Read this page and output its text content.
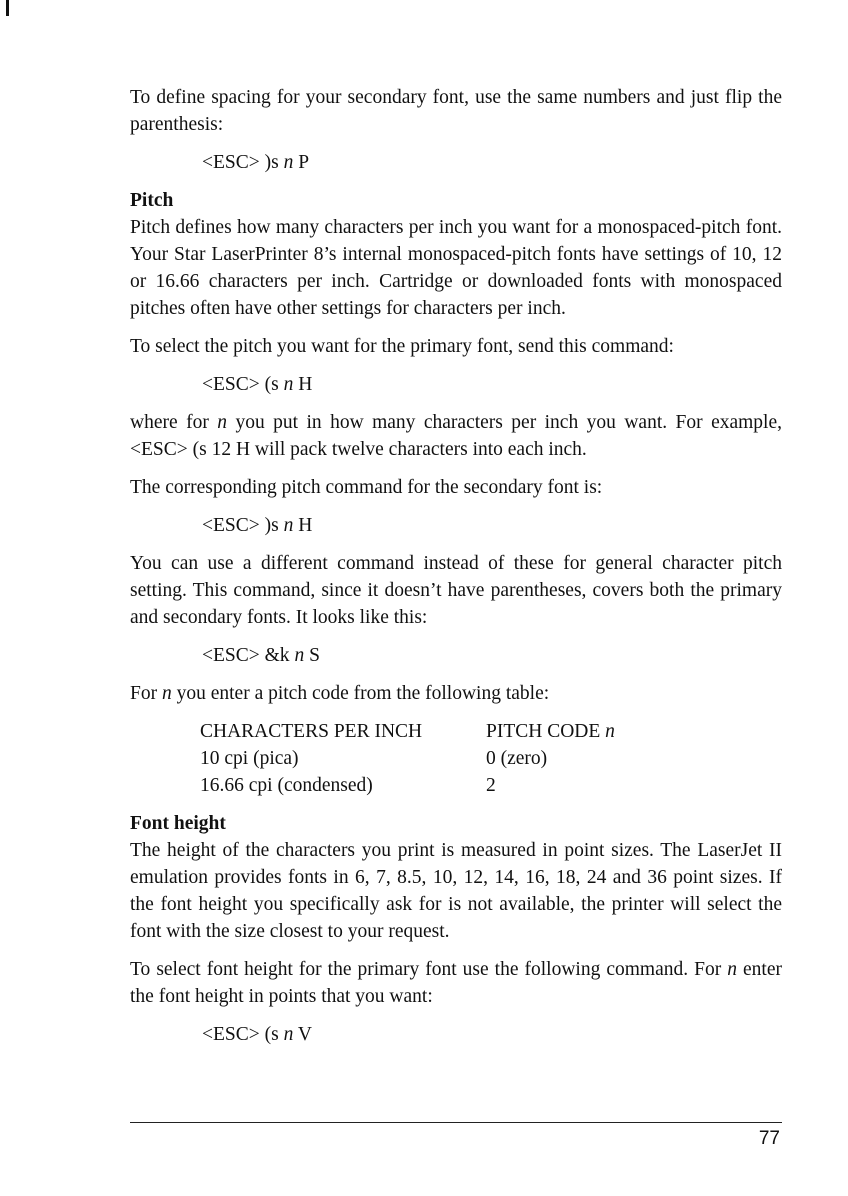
To define spacing for your secondary font, use the same numbers and just flip the parenthesis:

<ESC> )s n P
Pitch

Pitch defines how many characters per inch you want for a monospaced-pitch font. Your Star LaserPrinter 8’s internal monospaced-pitch fonts have settings of 10, 12 or 16.66 characters per inch. Cartridge or downloaded fonts with monospaced pitches often have other settings for characters per inch.

To select the pitch you want for the primary font, send this command:

<ESC> (s n H

where for n you put in how many characters per inch you want. For example, <ESC> (s 12 H will pack twelve characters into each inch.

The corresponding pitch command for the secondary font is:

<ESC> )s n H

You can use a different command instead of these for general character pitch setting. This command, since it doesn’t have parentheses, covers both the primary and secondary fonts. It looks like this:

<ESC> &k n S

For n you enter a pitch code from the following table:

CHARACTERS PER INCH	PITCH CODE n
10 cpi (pica)	0 (zero)
16.66 cpi (condensed)	2
Font height

The height of the characters you print is measured in point sizes. The LaserJet II emulation provides fonts in 6, 7, 8.5, 10, 12, 14, 16, 18, 24 and 36 point sizes. If the font height you specifically ask for is not available, the printer will select the font with the size closest to your request.

To select font height for the primary font use the following command. For n enter the font height in points that you want:

<ESC> (s n V
77
